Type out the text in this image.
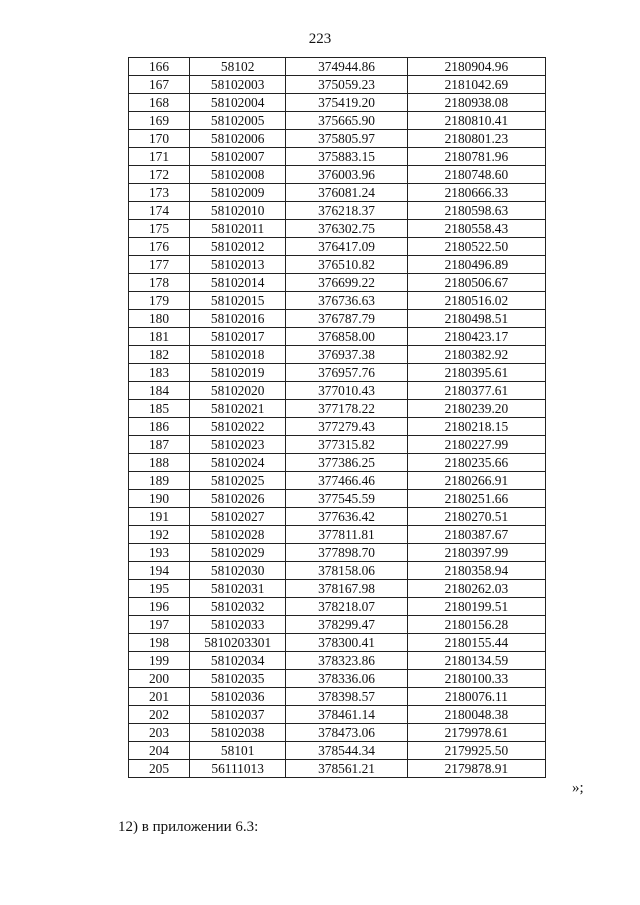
223
166	58102	374944.86	2180904.96
167	58102003	375059.23	2181042.69
168	58102004	375419.20	2180938.08
169	58102005	375665.90	2180810.41
170	58102006	375805.97	2180801.23
171	58102007	375883.15	2180781.96
172	58102008	376003.96	2180748.60
173	58102009	376081.24	2180666.33
174	58102010	376218.37	2180598.63
175	58102011	376302.75	2180558.43
176	58102012	376417.09	2180522.50
177	58102013	376510.82	2180496.89
178	58102014	376699.22	2180506.67
179	58102015	376736.63	2180516.02
180	58102016	376787.79	2180498.51
181	58102017	376858.00	2180423.17
182	58102018	376937.38	2180382.92
183	58102019	376957.76	2180395.61
184	58102020	377010.43	2180377.61
185	58102021	377178.22	2180239.20
186	58102022	377279.43	2180218.15
187	58102023	377315.82	2180227.99
188	58102024	377386.25	2180235.66
189	58102025	377466.46	2180266.91
190	58102026	377545.59	2180251.66
191	58102027	377636.42	2180270.51
192	58102028	377811.81	2180387.67
193	58102029	377898.70	2180397.99
194	58102030	378158.06	2180358.94
195	58102031	378167.98	2180262.03
196	58102032	378218.07	2180199.51
197	58102033	378299.47	2180156.28
198	5810203301	378300.41	2180155.44
199	58102034	378323.86	2180134.59
200	58102035	378336.06	2180100.33
201	58102036	378398.57	2180076.11
202	58102037	378461.14	2180048.38
203	58102038	378473.06	2179978.61
204	58101	378544.34	2179925.50
205	56111013	378561.21	2179878.91
»;
12) в приложении 6.3:
